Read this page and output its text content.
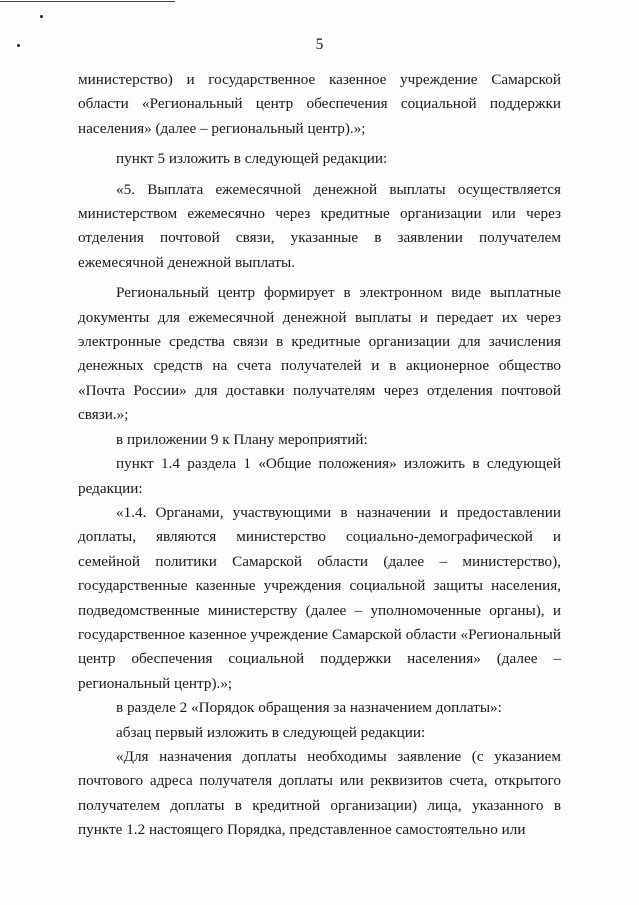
5

министерство) и государственное казенное учреждение Самарской области «Региональный центр обеспечения социальной поддержки населения» (далее – региональный центр).»;

пункт 5 изложить в следующей редакции:

«5. Выплата ежемесячной денежной выплаты осуществляется министерством ежемесячно через кредитные организации или через отделения почтовой связи, указанные в заявлении получателем ежемесячной денежной выплаты.

Региональный центр формирует в электронном виде выплатные документы для ежемесячной денежной выплаты и передает их через электронные средства связи в кредитные организации для зачисления денежных средств на счета получателей и в акционерное общество «Почта России» для доставки получателям через отделения почтовой связи.»;

в приложении 9 к Плану мероприятий:

пункт 1.4 раздела 1 «Общие положения» изложить в следующей редакции:

«1.4. Органами, участвующими в назначении и предоставлении доплаты, являются министерство социально-демографической и семейной политики Самарской области (далее – министерство), государственные казенные учреждения социальной защиты населения, подведомственные министерству (далее – уполномоченные органы), и государственное казенное учреждение Самарской области «Региональный центр обеспечения социальной поддержки населения» (далее – региональный центр).»;

в разделе 2 «Порядок обращения за назначением доплаты»:

абзац первый изложить в следующей редакции:

«Для назначения доплаты необходимы заявление (с указанием почтового адреса получателя доплаты или реквизитов счета, открытого получателем доплаты в кредитной организации) лица, указанного в пункте 1.2 настоящего Порядка, представленное самостоятельно или
